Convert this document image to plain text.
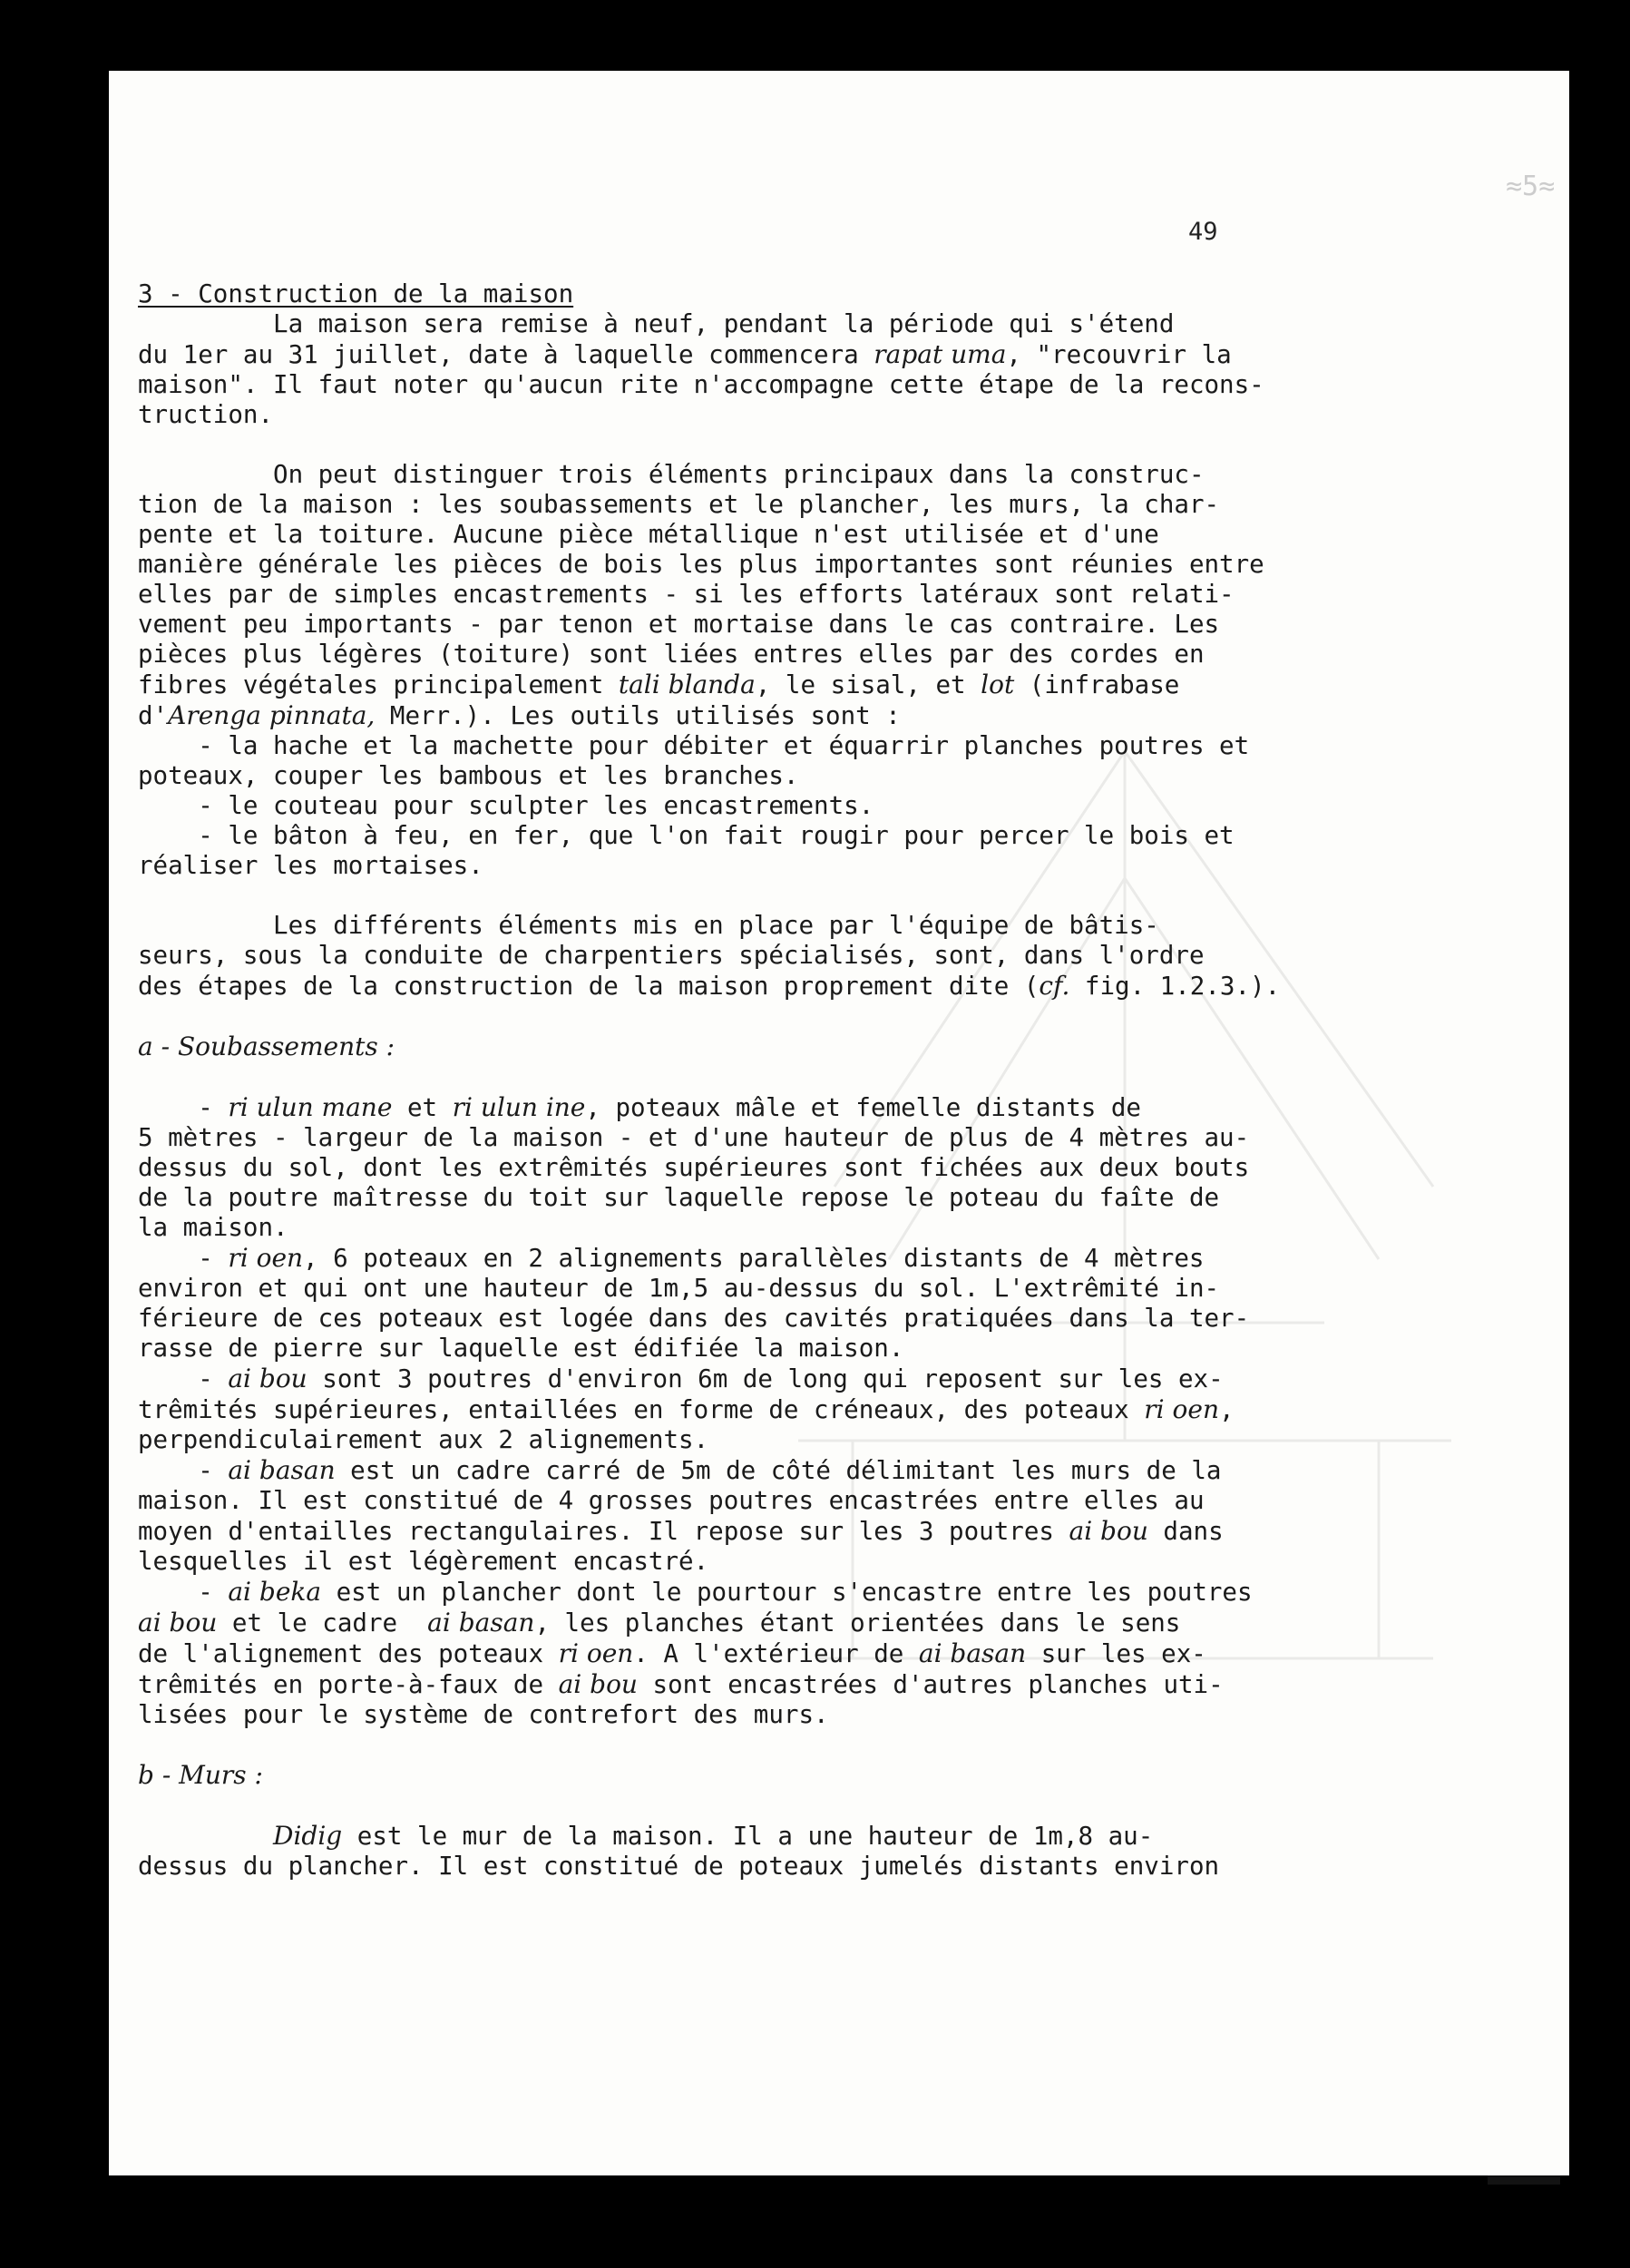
≈5≈
49

3 - Construction de la maison

La maison sera remise à neuf, pendant la période qui s'étend

du 1er au 31 juillet, date à laquelle commencera rapat uma, "recouvrir la

maison". Il faut noter qu'aucun rite n'accompagne cette étape de la recons-

truction.

On peut distinguer trois éléments principaux dans la construc-

tion de la maison : les soubassements et le plancher, les murs, la char-

pente et la toiture. Aucune pièce métallique n'est utilisée et d'une

manière générale les pièces de bois les plus importantes sont réunies entre

elles par de simples encastrements - si les efforts latéraux sont relati-

vement peu importants - par tenon et mortaise dans le cas contraire. Les

pièces plus légères (toiture) sont liées entres elles par des cordes en

fibres végétales principalement tali blanda, le sisal, et lot (infrabase

d'Arenga pinnata, Merr.). Les outils utilisés sont :

- la hache et la machette pour débiter et équarrir planches poutres et

poteaux, couper les bambous et les branches.

- le couteau pour sculpter les encastrements.

- le bâton à feu, en fer, que l'on fait rougir pour percer le bois et

réaliser les mortaises.

Les différents éléments mis en place par l'équipe de bâtis-

seurs, sous la conduite de charpentiers spécialisés, sont, dans l'ordre

des étapes de la construction de la maison proprement dite (cf. fig. 1.2.3.).

a - Soubassements :

- ri ulun mane et ri ulun ine, poteaux mâle et femelle distants de

5 mètres - largeur de la maison - et d'une hauteur de plus de 4 mètres au-

dessus du sol, dont les extrêmités supérieures sont fichées aux deux bouts

de la poutre maîtresse du toit sur laquelle repose le poteau du faîte de

la maison.

- ri oen, 6 poteaux en 2 alignements parallèles distants de 4 mètres

environ et qui ont une hauteur de 1m,5 au-dessus du sol. L'extrêmité in-

férieure de ces poteaux est logée dans des cavités pratiquées dans la ter-

rasse de pierre sur laquelle est édifiée la maison.

- ai bou sont 3 poutres d'environ 6m de long qui reposent sur les ex-

trêmités supérieures, entaillées en forme de créneaux, des poteaux ri oen,

perpendiculairement aux 2 alignements.

- ai basan est un cadre carré de 5m de côté délimitant les murs de la

maison. Il est constitué de 4 grosses poutres encastrées entre elles au

moyen d'entailles rectangulaires. Il repose sur les 3 poutres ai bou dans

lesquelles il est légèrement encastré.

- ai beka est un plancher dont le pourtour s'encastre entre les poutres

ai bou et le cadre  ai basan, les planches étant orientées dans le sens

de l'alignement des poteaux ri oen. A l'extérieur de ai basan sur les ex-

trêmités en porte-à-faux de ai bou sont encastrées d'autres planches uti-

lisées pour le système de contrefort des murs.

b - Murs :

Didig est le mur de la maison. Il a une hauteur de 1m,8 au-

dessus du plancher. Il est constitué de poteaux jumelés distants environ
